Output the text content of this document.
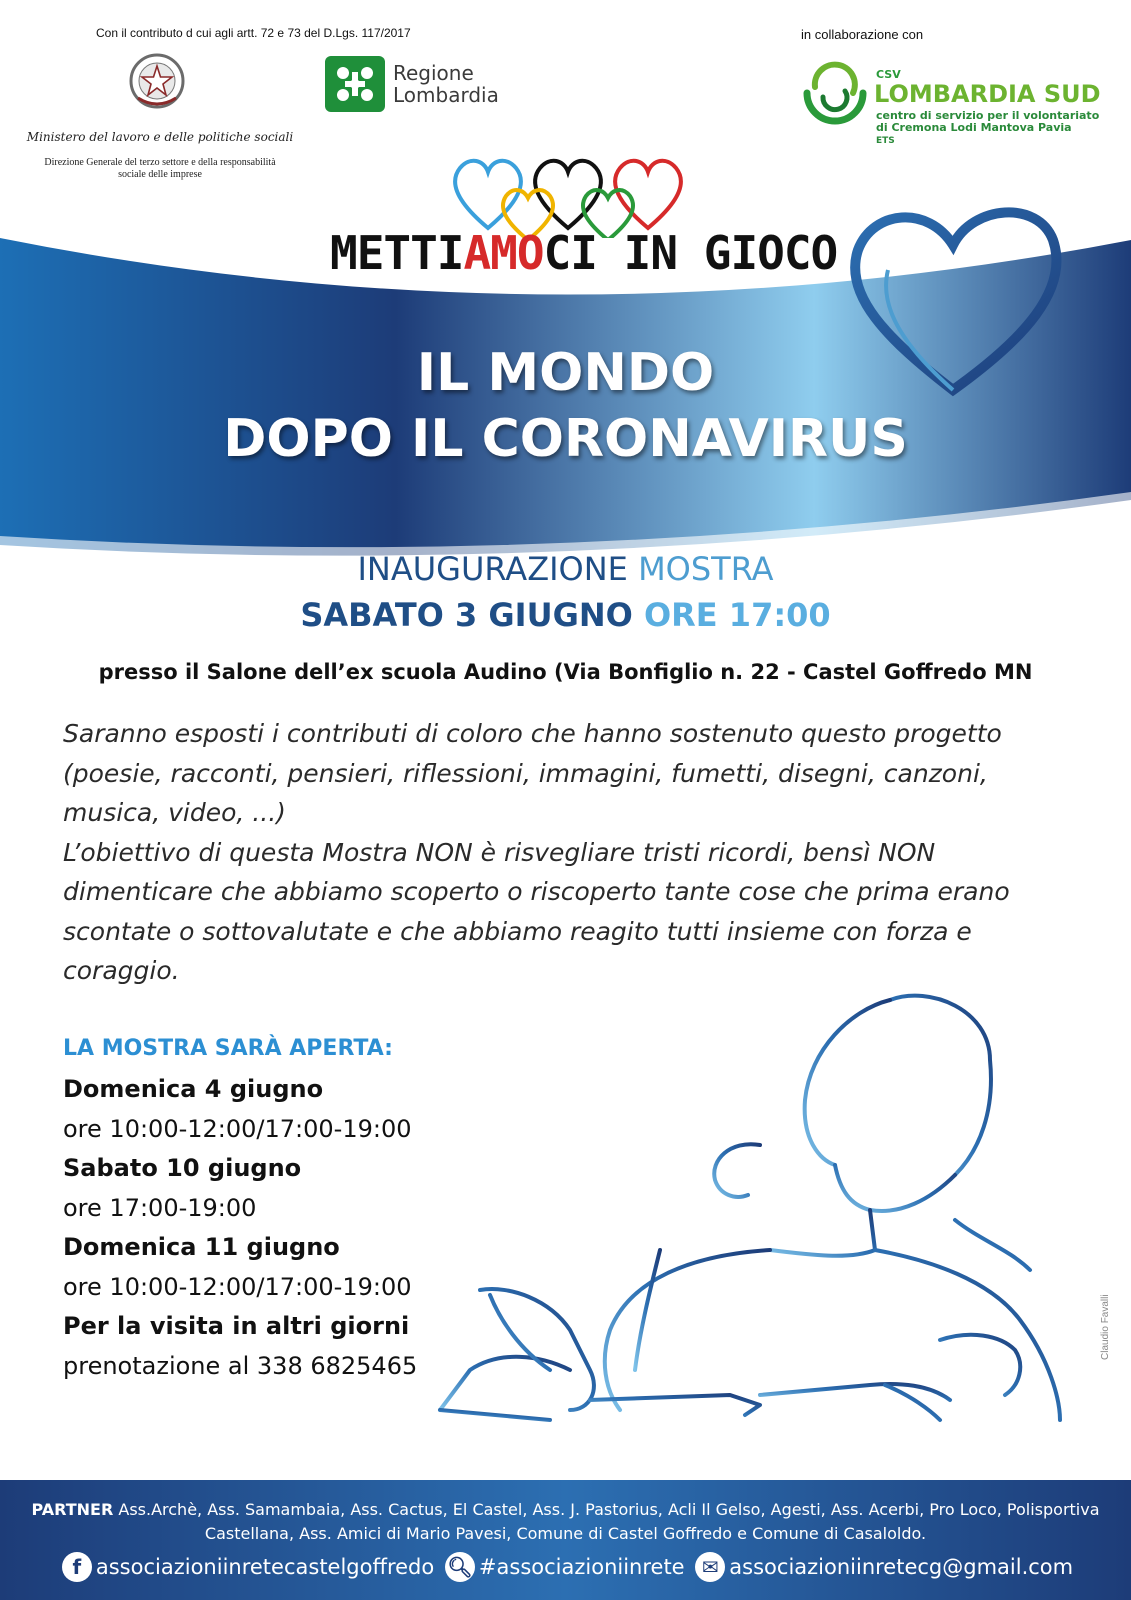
Con il contributo d cui agli artt. 72 e 73 del D.Lgs. 117/2017	in collaborazione con
Ministero del lavoro e delle politiche sociali
Direzione Generale del terzo settore e della responsabilità sociale delle imprese
Regione
Lombardia
CSV
LOMBARDIA SUD
centro di servizio per il volontariato
di Cremona Lodi Mantova Pavia
ETS
METTIAMOCI IN GIOCO
IL MONDO
DOPO IL CORONAVIRUS
INAUGURAZIONE MOSTRA
SABATO 3 GIUGNO ORE 17:00
presso il Salone dell’ex scuola Audino (Via Bonfiglio n. 22 - Castel Goffredo MN

Saranno esposti i contributi di coloro che hanno sostenuto questo progetto (poesie, racconti, pensieri, riflessioni, immagini, fumetti, disegni, canzoni, musica, video, ...)

L’obiettivo di questa Mostra NON è risvegliare tristi ricordi, bensì NON dimenticare che abbiamo scoperto o riscoperto tante cose che prima erano scontate o sottovalutate e che abbiamo reagito tutti insieme con forza e coraggio.

LA MOSTRA SARÀ APERTA:
Domenica 4 giugno
ore 10:00-12:00/17:00-19:00
Sabato 10 giugno
ore 17:00-19:00
Domenica 11 giugno
ore 10:00-12:00/17:00-19:00
Per la visita in altri giorni
prenotazione al 338 6825465
Claudio Favalli
PARTNER Ass.Archè, Ass. Samambaia, Ass. Cactus, El Castel, Ass. J. Pastorius, Acli Il Gelso, Agesti, Ass. Acerbi, Pro Loco, Polisportiva Castellana, Ass. Amici di Mario Pavesi, Comune di Castel Goffredo e Comune di Casaloldo.
f associazioniinretecastelgoffredo 🔍︎ #associazioniinrete ✉ associazioniinretecg@gmail.com
